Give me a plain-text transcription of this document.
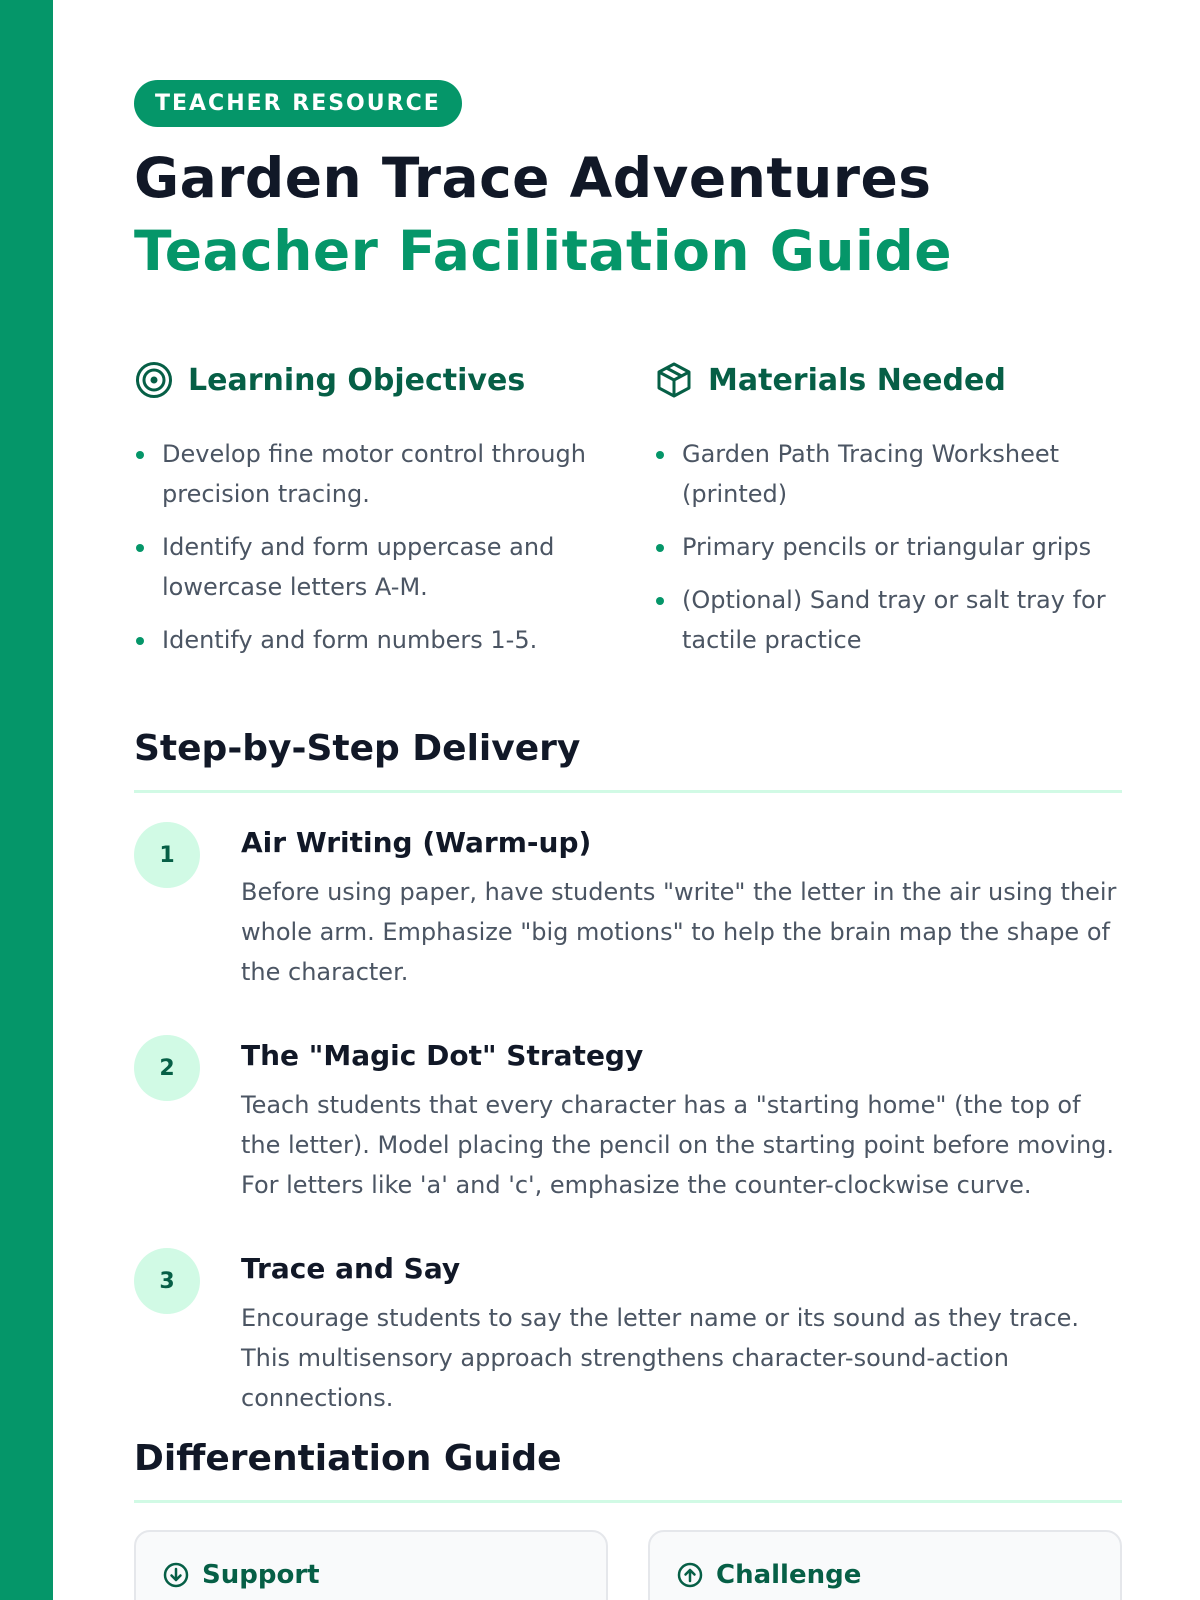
TEACHER RESOURCE
Garden Trace Adventures
Teacher Facilitation Guide
Learning Objectives
Develop fine motor control through precision tracing.
Identify and form uppercase and lowercase letters A-M.
Identify and form numbers 1-5.
Materials Needed
Garden Path Tracing Worksheet (printed)
Primary pencils or triangular grips
(Optional) Sand tray or salt tray for tactile practice
Step-by-Step Delivery
1	Air Writing (Warm-up)

Before using paper, have students "write" the letter in the air using their whole arm. Emphasize "big motions" to help the brain map the shape of the character.

2	The "Magic Dot" Strategy

Teach students that every character has a "starting home" (the top of the letter). Model placing the pencil on the starting point before moving. For letters like 'a' and 'c', emphasize the counter-clockwise curve.

3	Trace and Say

Encourage students to say the letter name or its sound as they trace. This multisensory approach strengthens character-sound-action connections.

Differentiation Guide
Support	Challenge
